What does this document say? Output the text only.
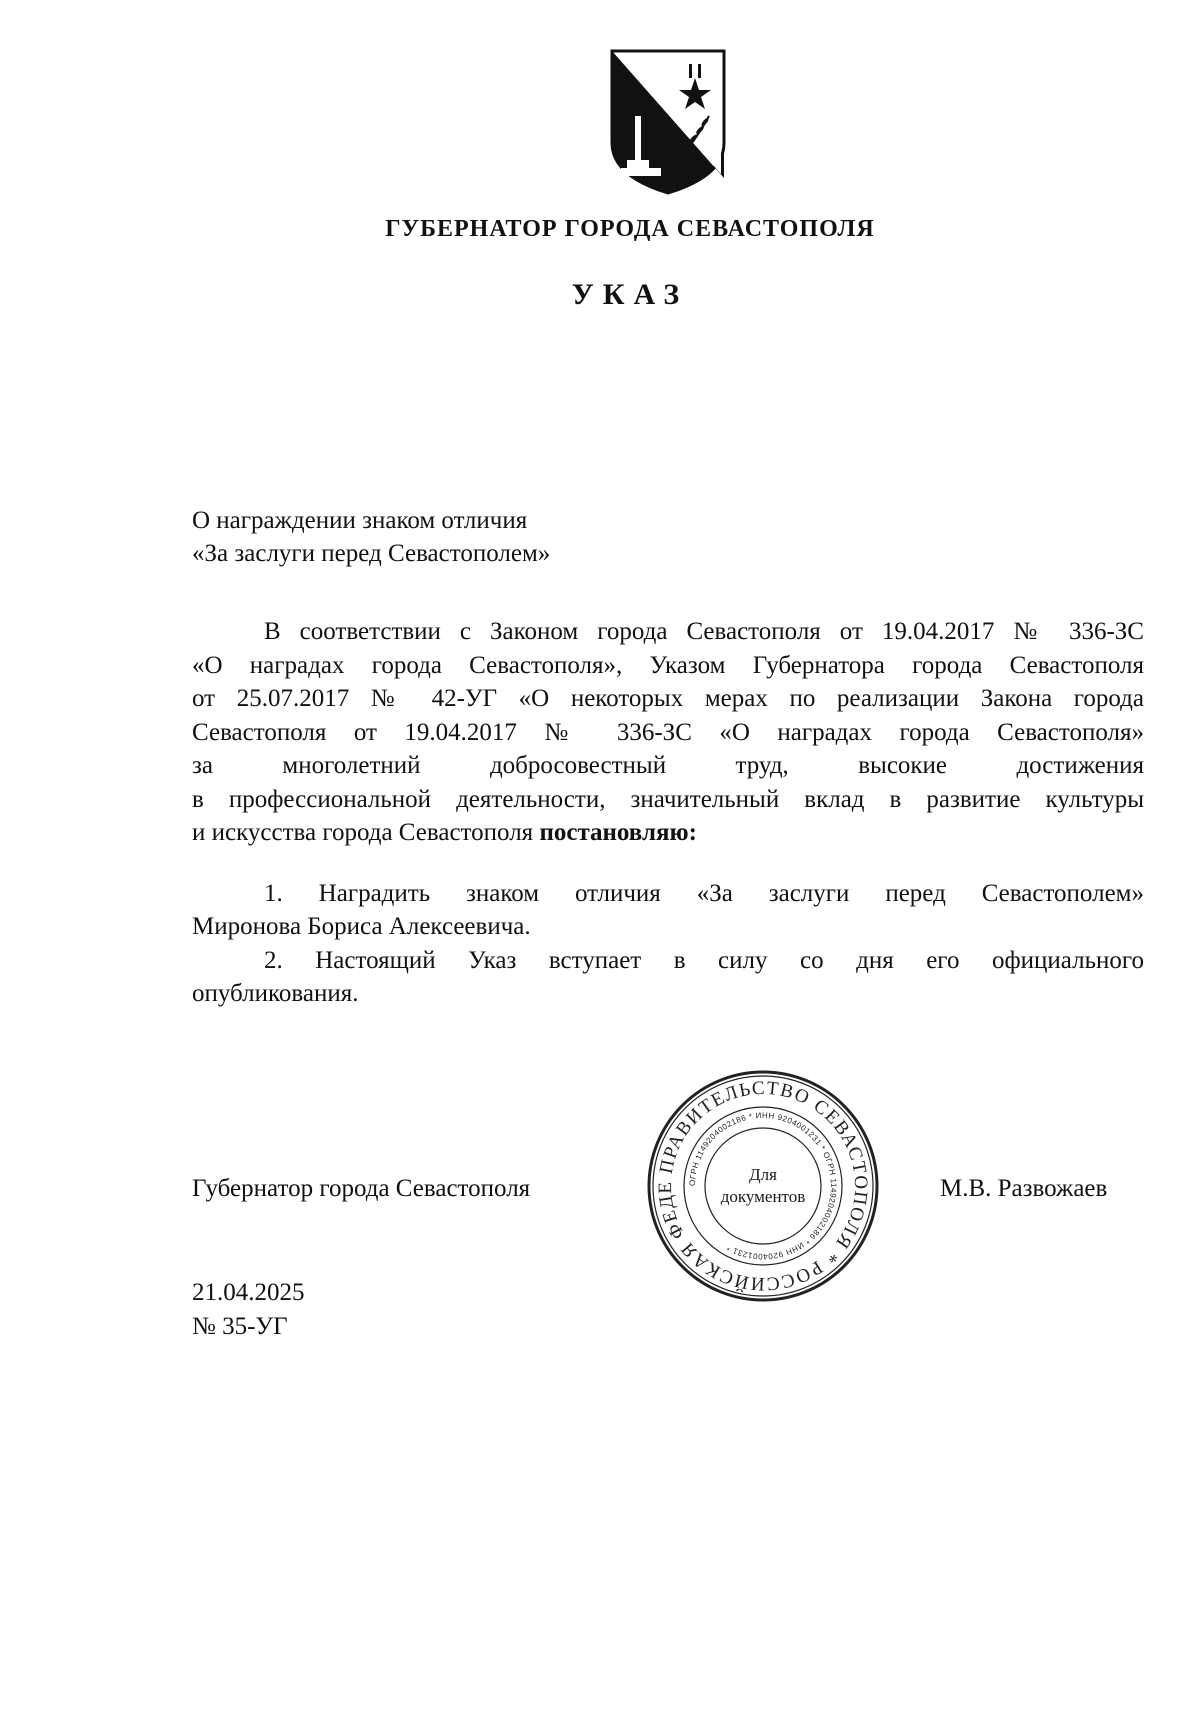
ГУБЕРНАТОР ГОРОДА СЕВАСТОПОЛЯ
УКАЗ
О награждении знаком отличия
«За заслуги перед Севастополем»
В соответствии с Законом города Севастополя от 19.04.2017 № 336-ЗС
«О наградах города Севастополя», Указом Губернатора города Севастополя
от 25.07.2017 № 42-УГ «О некоторых мерах по реализации Закона города
Севастополя от 19.04.2017 № 336-ЗС «О наградах города Севастополя»
за многолетний добросовестный труд, высокие достижения
в профессиональной деятельности, значительный вклад в развитие культуры
и искусства города Севастополя постановляю:
1. Наградить знаком отличия «За заслуги перед Севастополем»
Миронова Бориса Алексеевича.
2. Настоящий Указ вступает в силу со дня его официального
опубликования.
Губернатор города Севастополя
ПРАВИТЕЛЬСТВО СЕВАСТОПОЛЯ * РОССИЙСКАЯ ФЕДЕ	ОГРН 1149204002186 * ИНН 9204001231 * ОГРН 1149204002186 * ИНН 9204001231 *
Для
документов	М.В. Развожаев
21.04.2025
№ 35-УГ
